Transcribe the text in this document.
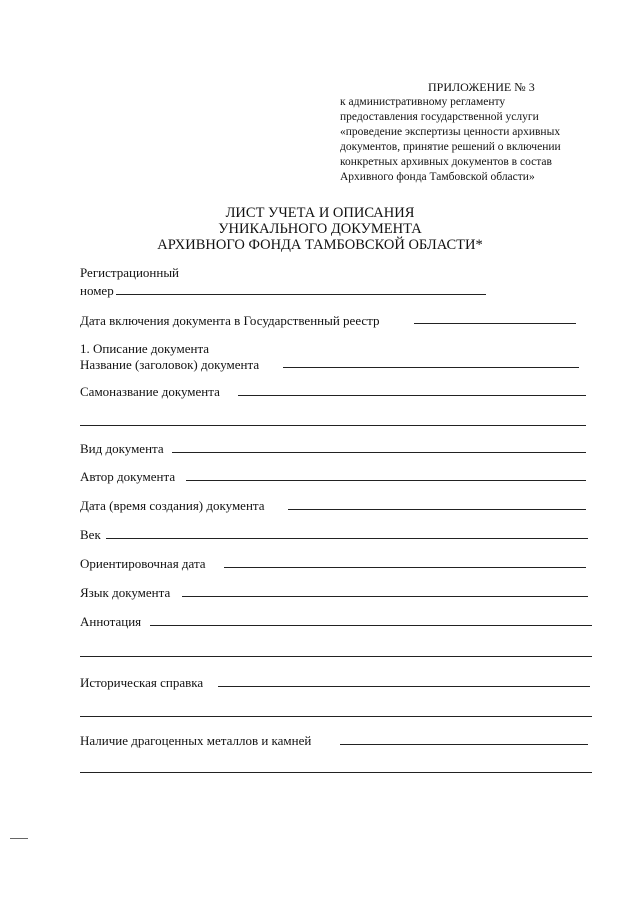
ПРИЛОЖЕНИЕ № 3
к административному регламенту
предоставления государственной услуги
«проведение экспертизы ценности архивных
документов, принятие решений о включении
конкретных архивных документов в состав
Архивного фонда Тамбовской области»
ЛИСТ УЧЕТА И ОПИСАНИЯ
УНИКАЛЬНОГО ДОКУМЕНТА
АРХИВНОГО ФОНДА ТАМБОВСКОЙ ОБЛАСТИ*
Регистрационный
номер
Дата включения документа в Государственный реестр
1. Описание документа
Название (заголовок) документа
Самоназвание документа
Вид документа
Автор документа
Дата (время создания) документа
Век
Ориентировочная дата
Язык документа
Аннотация
Историческая справка
Наличие драгоценных металлов и камней
